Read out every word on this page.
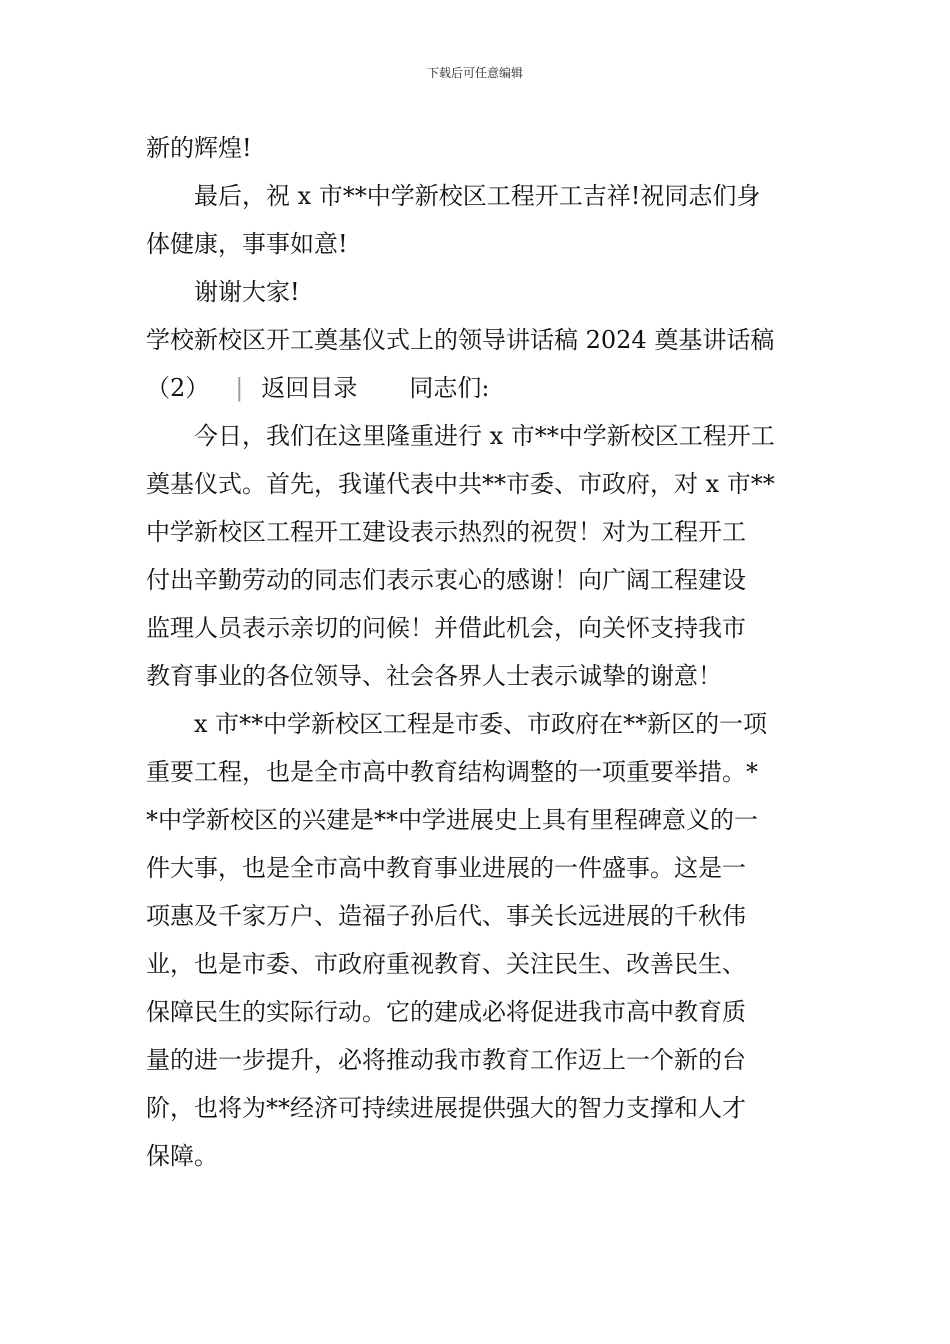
下载后可任意编辑
新的辉煌!
最后，祝 x 市**中学新校区工程开工吉祥!祝同志们身
体健康，事事如意!
谢谢大家!
学校新校区开工奠基仪式上的领导讲话稿 2024 奠基讲话稿
（2） | 返回目录 同志们:
今日，我们在这里隆重进行 x 市**中学新校区工程开工
奠基仪式。首先，我谨代表中共**市委、市政府，对 x 市**
中学新校区工程开工建设表示热烈的祝贺！对为工程开工
付出辛勤劳动的同志们表示衷心的感谢！向广阔工程建设
监理人员表示亲切的问候！并借此机会，向关怀支持我市
教育事业的各位领导、社会各界人士表示诚挚的谢意！
x 市**中学新校区工程是市委、市政府在**新区的一项
重要工程，也是全市高中教育结构调整的一项重要举措。*
*中学新校区的兴建是**中学进展史上具有里程碑意义的一
件大事，也是全市高中教育事业进展的一件盛事。这是一
项惠及千家万户、造福子孙后代、事关长远进展的千秋伟
业，也是市委、市政府重视教育、关注民生、改善民生、
保障民生的实际行动。它的建成必将促进我市高中教育质
量的进一步提升，必将推动我市教育工作迈上一个新的台
阶，也将为**经济可持续进展提供强大的智力支撑和人才
保障。
